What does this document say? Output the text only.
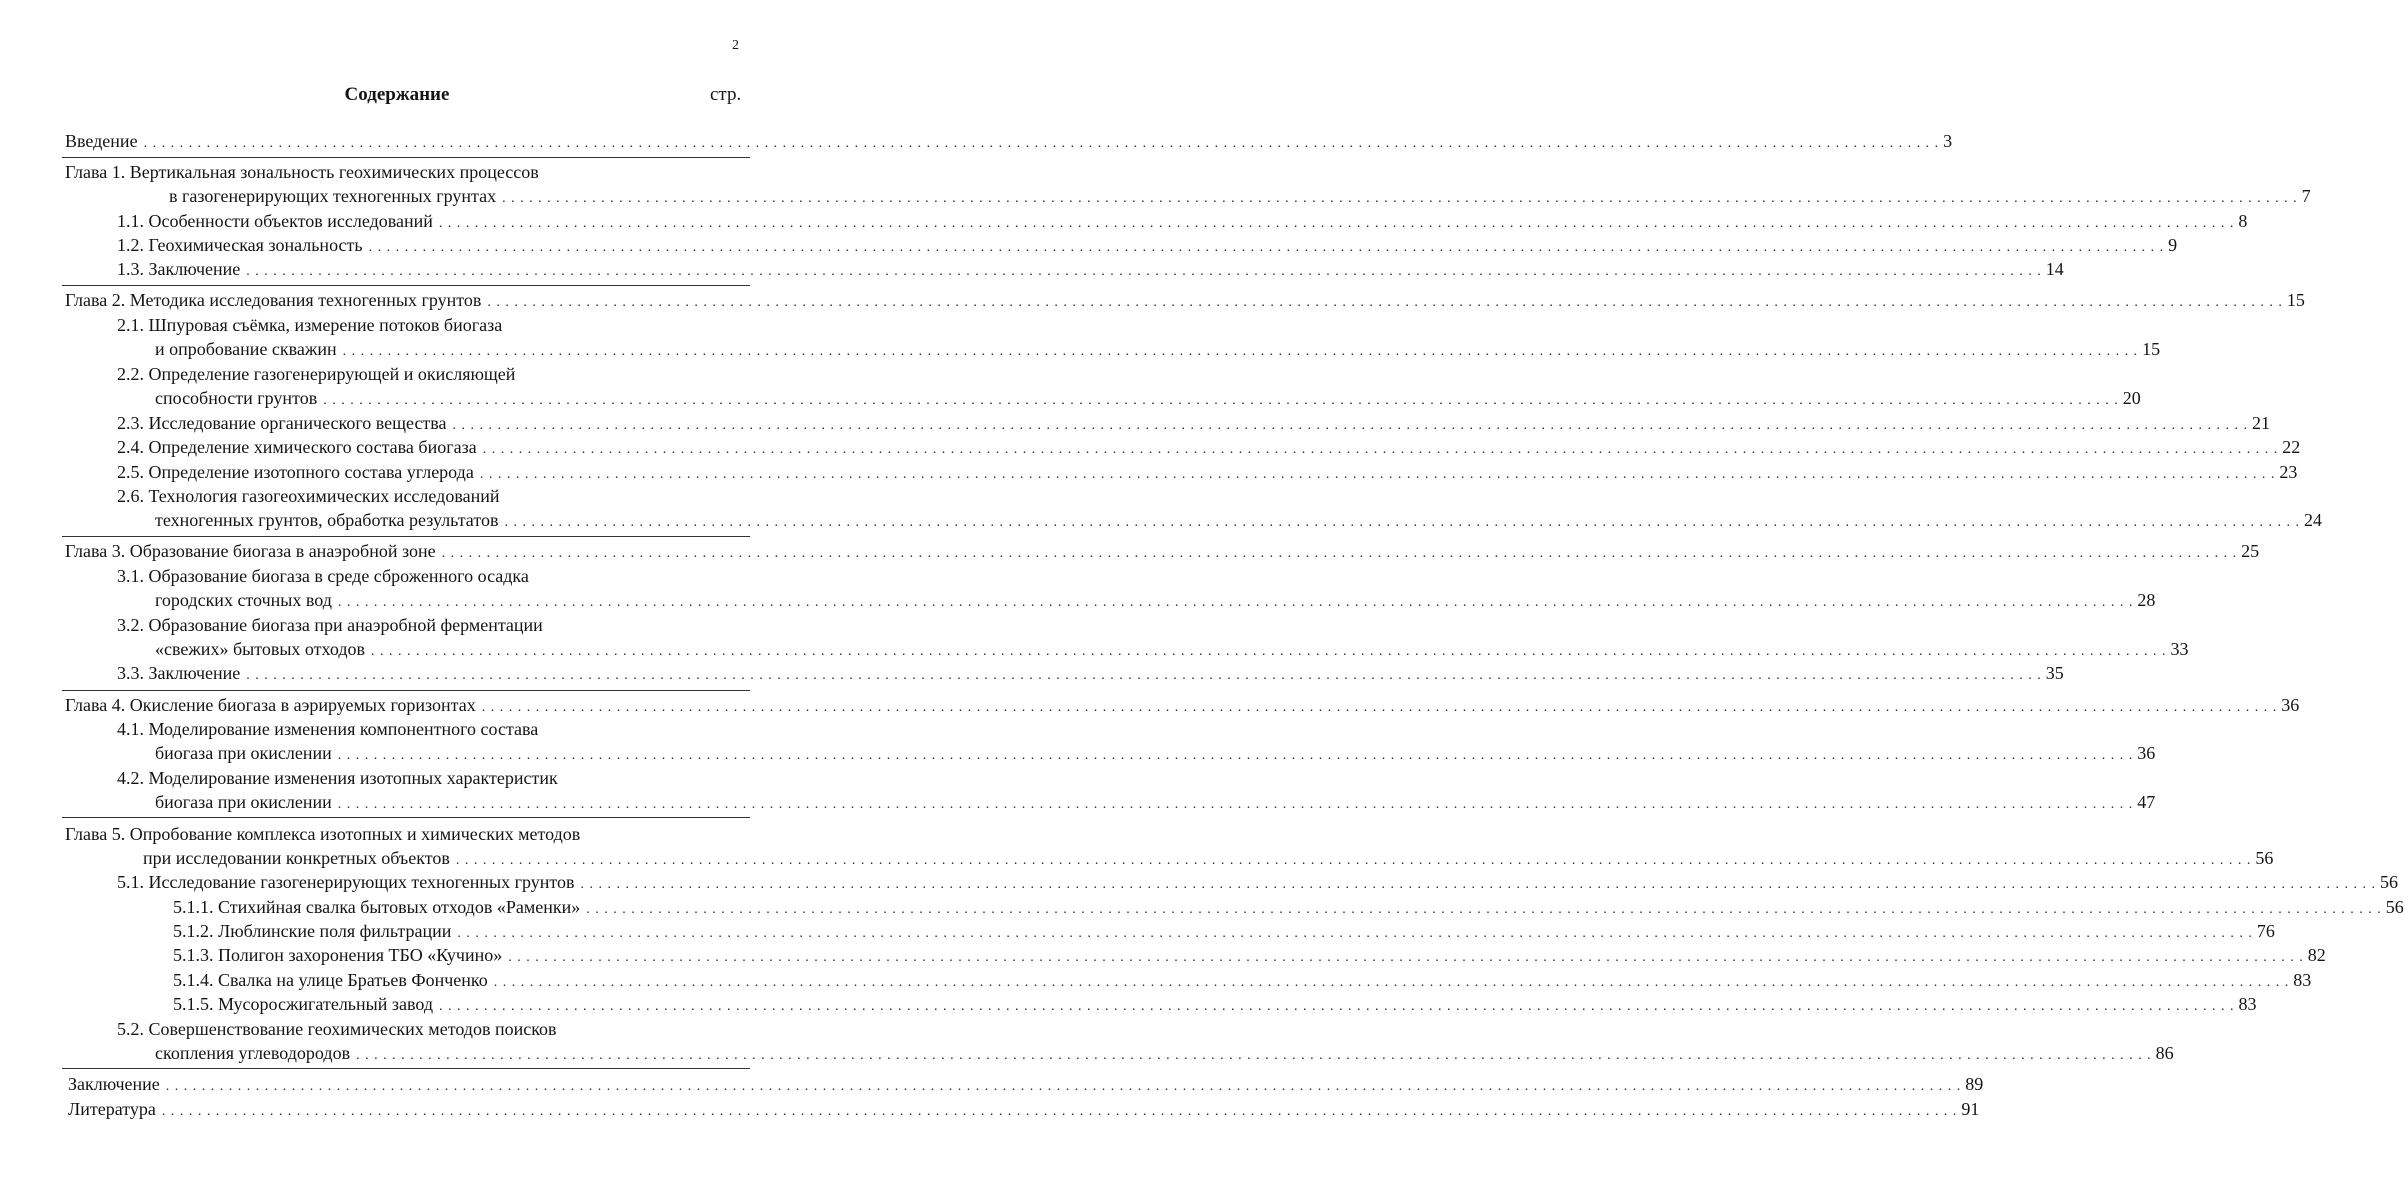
2
Содержание	стр.
Введение . . . . . . . . . . . . . . . . . . . . . . . . . . . . . . . . . . . . . . . . . . . . . . . . . . . . . . . . . . . . . . . . . . . . . . . . . . . . . . . . . . . . . . . . . . . . . . . . . . . . . . . . . . . . . . . . . . . . . . . . . . . . . . . . . . . . . . . . . . . . . . . . . . . . . . . . . . . . . . . . . . . . . . . . . . . . . . . . . . . . . . . . . . . . . . . . . . . . . . . . 3
Глава 1. Вертикальная зональность геохимических процессов
в газогенерирующих техногенных грунтах . . . . . . . . . . . . . . . . . . . . . . . . . . . . . . . . . . . . . . . . . . . . . . . . . . . . . . . . . . . . . . . . . . . . . . . . . . . . . . . . . . . . . . . . . . . . . . . . . . . . . . . . . . . . . . . . . . . . . . . . . . . . . . . . . . . . . . . . . . . . . . . . . . . . . . . . . . . . . . . . . . . . . . . . . . . . . . . . . . . . . . . . . . . . . . . . . . . . . . . . 7
1.1. Особенности объектов исследований . . . . . . . . . . . . . . . . . . . . . . . . . . . . . . . . . . . . . . . . . . . . . . . . . . . . . . . . . . . . . . . . . . . . . . . . . . . . . . . . . . . . . . . . . . . . . . . . . . . . . . . . . . . . . . . . . . . . . . . . . . . . . . . . . . . . . . . . . . . . . . . . . . . . . . . . . . . . . . . . . . . . . . . . . . . . . . . . . . . . . . . . . . . . . . . . . . . . . . . . 8
1.2. Геохимическая зональность . . . . . . . . . . . . . . . . . . . . . . . . . . . . . . . . . . . . . . . . . . . . . . . . . . . . . . . . . . . . . . . . . . . . . . . . . . . . . . . . . . . . . . . . . . . . . . . . . . . . . . . . . . . . . . . . . . . . . . . . . . . . . . . . . . . . . . . . . . . . . . . . . . . . . . . . . . . . . . . . . . . . . . . . . . . . . . . . . . . . . . . . . . . . . . . . . . . . . . . . 9
1.3. Заключение . . . . . . . . . . . . . . . . . . . . . . . . . . . . . . . . . . . . . . . . . . . . . . . . . . . . . . . . . . . . . . . . . . . . . . . . . . . . . . . . . . . . . . . . . . . . . . . . . . . . . . . . . . . . . . . . . . . . . . . . . . . . . . . . . . . . . . . . . . . . . . . . . . . . . . . . . . . . . . . . . . . . . . . . . . . . . . . . . . . . . . . . . . . . . . . . . . . . . . . . 14
Глава 2. Методика исследования техногенных грунтов . . . . . . . . . . . . . . . . . . . . . . . . . . . . . . . . . . . . . . . . . . . . . . . . . . . . . . . . . . . . . . . . . . . . . . . . . . . . . . . . . . . . . . . . . . . . . . . . . . . . . . . . . . . . . . . . . . . . . . . . . . . . . . . . . . . . . . . . . . . . . . . . . . . . . . . . . . . . . . . . . . . . . . . . . . . . . . . . . . . . . . . . . . . . . . . . . . . . . . . . 15
2.1. Шпуровая съёмка, измерение потоков биогаза
и опробование скважин . . . . . . . . . . . . . . . . . . . . . . . . . . . . . . . . . . . . . . . . . . . . . . . . . . . . . . . . . . . . . . . . . . . . . . . . . . . . . . . . . . . . . . . . . . . . . . . . . . . . . . . . . . . . . . . . . . . . . . . . . . . . . . . . . . . . . . . . . . . . . . . . . . . . . . . . . . . . . . . . . . . . . . . . . . . . . . . . . . . . . . . . . . . . . . . . . . . . . . . . 15
2.2. Определение газогенерирующей и окисляющей
способности грунтов . . . . . . . . . . . . . . . . . . . . . . . . . . . . . . . . . . . . . . . . . . . . . . . . . . . . . . . . . . . . . . . . . . . . . . . . . . . . . . . . . . . . . . . . . . . . . . . . . . . . . . . . . . . . . . . . . . . . . . . . . . . . . . . . . . . . . . . . . . . . . . . . . . . . . . . . . . . . . . . . . . . . . . . . . . . . . . . . . . . . . . . . . . . . . . . . . . . . . . . . 20
2.3. Исследование органического вещества . . . . . . . . . . . . . . . . . . . . . . . . . . . . . . . . . . . . . . . . . . . . . . . . . . . . . . . . . . . . . . . . . . . . . . . . . . . . . . . . . . . . . . . . . . . . . . . . . . . . . . . . . . . . . . . . . . . . . . . . . . . . . . . . . . . . . . . . . . . . . . . . . . . . . . . . . . . . . . . . . . . . . . . . . . . . . . . . . . . . . . . . . . . . . . . . . . . . . . . . 21
2.4. Определение химического состава биогаза . . . . . . . . . . . . . . . . . . . . . . . . . . . . . . . . . . . . . . . . . . . . . . . . . . . . . . . . . . . . . . . . . . . . . . . . . . . . . . . . . . . . . . . . . . . . . . . . . . . . . . . . . . . . . . . . . . . . . . . . . . . . . . . . . . . . . . . . . . . . . . . . . . . . . . . . . . . . . . . . . . . . . . . . . . . . . . . . . . . . . . . . . . . . . . . . . . . . . . . . 22
2.5. Определение изотопного состава углерода . . . . . . . . . . . . . . . . . . . . . . . . . . . . . . . . . . . . . . . . . . . . . . . . . . . . . . . . . . . . . . . . . . . . . . . . . . . . . . . . . . . . . . . . . . . . . . . . . . . . . . . . . . . . . . . . . . . . . . . . . . . . . . . . . . . . . . . . . . . . . . . . . . . . . . . . . . . . . . . . . . . . . . . . . . . . . . . . . . . . . . . . . . . . . . . . . . . . . . . . 23
2.6. Технология газогеохимических исследований
техногенных грунтов, обработка результатов . . . . . . . . . . . . . . . . . . . . . . . . . . . . . . . . . . . . . . . . . . . . . . . . . . . . . . . . . . . . . . . . . . . . . . . . . . . . . . . . . . . . . . . . . . . . . . . . . . . . . . . . . . . . . . . . . . . . . . . . . . . . . . . . . . . . . . . . . . . . . . . . . . . . . . . . . . . . . . . . . . . . . . . . . . . . . . . . . . . . . . . . . . . . . . . . . . . . . . . . 24
Глава 3. Образование биогаза в анаэробной зоне . . . . . . . . . . . . . . . . . . . . . . . . . . . . . . . . . . . . . . . . . . . . . . . . . . . . . . . . . . . . . . . . . . . . . . . . . . . . . . . . . . . . . . . . . . . . . . . . . . . . . . . . . . . . . . . . . . . . . . . . . . . . . . . . . . . . . . . . . . . . . . . . . . . . . . . . . . . . . . . . . . . . . . . . . . . . . . . . . . . . . . . . . . . . . . . . . . . . . . . . 25
3.1. Образование биогаза в среде сброженного осадка
городских сточных вод . . . . . . . . . . . . . . . . . . . . . . . . . . . . . . . . . . . . . . . . . . . . . . . . . . . . . . . . . . . . . . . . . . . . . . . . . . . . . . . . . . . . . . . . . . . . . . . . . . . . . . . . . . . . . . . . . . . . . . . . . . . . . . . . . . . . . . . . . . . . . . . . . . . . . . . . . . . . . . . . . . . . . . . . . . . . . . . . . . . . . . . . . . . . . . . . . . . . . . . . 28
3.2. Образование биогаза при анаэробной ферментации
«свежих» бытовых отходов . . . . . . . . . . . . . . . . . . . . . . . . . . . . . . . . . . . . . . . . . . . . . . . . . . . . . . . . . . . . . . . . . . . . . . . . . . . . . . . . . . . . . . . . . . . . . . . . . . . . . . . . . . . . . . . . . . . . . . . . . . . . . . . . . . . . . . . . . . . . . . . . . . . . . . . . . . . . . . . . . . . . . . . . . . . . . . . . . . . . . . . . . . . . . . . . . . . . . . . . 33
3.3. Заключение . . . . . . . . . . . . . . . . . . . . . . . . . . . . . . . . . . . . . . . . . . . . . . . . . . . . . . . . . . . . . . . . . . . . . . . . . . . . . . . . . . . . . . . . . . . . . . . . . . . . . . . . . . . . . . . . . . . . . . . . . . . . . . . . . . . . . . . . . . . . . . . . . . . . . . . . . . . . . . . . . . . . . . . . . . . . . . . . . . . . . . . . . . . . . . . . . . . . . . . . 35
Глава 4. Окисление биогаза в аэрируемых горизонтах . . . . . . . . . . . . . . . . . . . . . . . . . . . . . . . . . . . . . . . . . . . . . . . . . . . . . . . . . . . . . . . . . . . . . . . . . . . . . . . . . . . . . . . . . . . . . . . . . . . . . . . . . . . . . . . . . . . . . . . . . . . . . . . . . . . . . . . . . . . . . . . . . . . . . . . . . . . . . . . . . . . . . . . . . . . . . . . . . . . . . . . . . . . . . . . . . . . . . . . . 36
4.1. Моделирование изменения компонентного состава
биогаза при окислении . . . . . . . . . . . . . . . . . . . . . . . . . . . . . . . . . . . . . . . . . . . . . . . . . . . . . . . . . . . . . . . . . . . . . . . . . . . . . . . . . . . . . . . . . . . . . . . . . . . . . . . . . . . . . . . . . . . . . . . . . . . . . . . . . . . . . . . . . . . . . . . . . . . . . . . . . . . . . . . . . . . . . . . . . . . . . . . . . . . . . . . . . . . . . . . . . . . . . . . . 36
4.2. Моделирование изменения изотопных характеристик
биогаза при окислении . . . . . . . . . . . . . . . . . . . . . . . . . . . . . . . . . . . . . . . . . . . . . . . . . . . . . . . . . . . . . . . . . . . . . . . . . . . . . . . . . . . . . . . . . . . . . . . . . . . . . . . . . . . . . . . . . . . . . . . . . . . . . . . . . . . . . . . . . . . . . . . . . . . . . . . . . . . . . . . . . . . . . . . . . . . . . . . . . . . . . . . . . . . . . . . . . . . . . . . . 47
Глава 5. Опробование комплекса изотопных и химических методов
при исследовании конкретных объектов . . . . . . . . . . . . . . . . . . . . . . . . . . . . . . . . . . . . . . . . . . . . . . . . . . . . . . . . . . . . . . . . . . . . . . . . . . . . . . . . . . . . . . . . . . . . . . . . . . . . . . . . . . . . . . . . . . . . . . . . . . . . . . . . . . . . . . . . . . . . . . . . . . . . . . . . . . . . . . . . . . . . . . . . . . . . . . . . . . . . . . . . . . . . . . . . . . . . . . . . 56
5.1. Исследование газогенерирующих техногенных грунтов . . . . . . . . . . . . . . . . . . . . . . . . . . . . . . . . . . . . . . . . . . . . . . . . . . . . . . . . . . . . . . . . . . . . . . . . . . . . . . . . . . . . . . . . . . . . . . . . . . . . . . . . . . . . . . . . . . . . . . . . . . . . . . . . . . . . . . . . . . . . . . . . . . . . . . . . . . . . . . . . . . . . . . . . . . . . . . . . . . . . . . . . . . . . . . . . . . . . . . . . 56
5.1.1. Стихийная свалка бытовых отходов «Раменки» . . . . . . . . . . . . . . . . . . . . . . . . . . . . . . . . . . . . . . . . . . . . . . . . . . . . . . . . . . . . . . . . . . . . . . . . . . . . . . . . . . . . . . . . . . . . . . . . . . . . . . . . . . . . . . . . . . . . . . . . . . . . . . . . . . . . . . . . . . . . . . . . . . . . . . . . . . . . . . . . . . . . . . . . . . . . . . . . . . . . . . . . . . . . . . . . . . . . . . . . 56
5.1.2. Люблинские поля фильтрации . . . . . . . . . . . . . . . . . . . . . . . . . . . . . . . . . . . . . . . . . . . . . . . . . . . . . . . . . . . . . . . . . . . . . . . . . . . . . . . . . . . . . . . . . . . . . . . . . . . . . . . . . . . . . . . . . . . . . . . . . . . . . . . . . . . . . . . . . . . . . . . . . . . . . . . . . . . . . . . . . . . . . . . . . . . . . . . . . . . . . . . . . . . . . . . . . . . . . . . . 76
5.1.3. Полигон захоронения ТБО «Кучино» . . . . . . . . . . . . . . . . . . . . . . . . . . . . . . . . . . . . . . . . . . . . . . . . . . . . . . . . . . . . . . . . . . . . . . . . . . . . . . . . . . . . . . . . . . . . . . . . . . . . . . . . . . . . . . . . . . . . . . . . . . . . . . . . . . . . . . . . . . . . . . . . . . . . . . . . . . . . . . . . . . . . . . . . . . . . . . . . . . . . . . . . . . . . . . . . . . . . . . . . 82
5.1.4. Свалка на улице Братьев Фонченко . . . . . . . . . . . . . . . . . . . . . . . . . . . . . . . . . . . . . . . . . . . . . . . . . . . . . . . . . . . . . . . . . . . . . . . . . . . . . . . . . . . . . . . . . . . . . . . . . . . . . . . . . . . . . . . . . . . . . . . . . . . . . . . . . . . . . . . . . . . . . . . . . . . . . . . . . . . . . . . . . . . . . . . . . . . . . . . . . . . . . . . . . . . . . . . . . . . . . . . . 83
5.1.5. Мусоросжигательный завод . . . . . . . . . . . . . . . . . . . . . . . . . . . . . . . . . . . . . . . . . . . . . . . . . . . . . . . . . . . . . . . . . . . . . . . . . . . . . . . . . . . . . . . . . . . . . . . . . . . . . . . . . . . . . . . . . . . . . . . . . . . . . . . . . . . . . . . . . . . . . . . . . . . . . . . . . . . . . . . . . . . . . . . . . . . . . . . . . . . . . . . . . . . . . . . . . . . . . . . . 83
5.2. Совершенствование геохимических методов поисков
скопления углеводородов . . . . . . . . . . . . . . . . . . . . . . . . . . . . . . . . . . . . . . . . . . . . . . . . . . . . . . . . . . . . . . . . . . . . . . . . . . . . . . . . . . . . . . . . . . . . . . . . . . . . . . . . . . . . . . . . . . . . . . . . . . . . . . . . . . . . . . . . . . . . . . . . . . . . . . . . . . . . . . . . . . . . . . . . . . . . . . . . . . . . . . . . . . . . . . . . . . . . . . . . 86
Заключение . . . . . . . . . . . . . . . . . . . . . . . . . . . . . . . . . . . . . . . . . . . . . . . . . . . . . . . . . . . . . . . . . . . . . . . . . . . . . . . . . . . . . . . . . . . . . . . . . . . . . . . . . . . . . . . . . . . . . . . . . . . . . . . . . . . . . . . . . . . . . . . . . . . . . . . . . . . . . . . . . . . . . . . . . . . . . . . . . . . . . . . . . . . . . . . . . . . . . . . . 89
Литература . . . . . . . . . . . . . . . . . . . . . . . . . . . . . . . . . . . . . . . . . . . . . . . . . . . . . . . . . . . . . . . . . . . . . . . . . . . . . . . . . . . . . . . . . . . . . . . . . . . . . . . . . . . . . . . . . . . . . . . . . . . . . . . . . . . . . . . . . . . . . . . . . . . . . . . . . . . . . . . . . . . . . . . . . . . . . . . . . . . . . . . . . . . . . . . . . . . . . . . . 91
